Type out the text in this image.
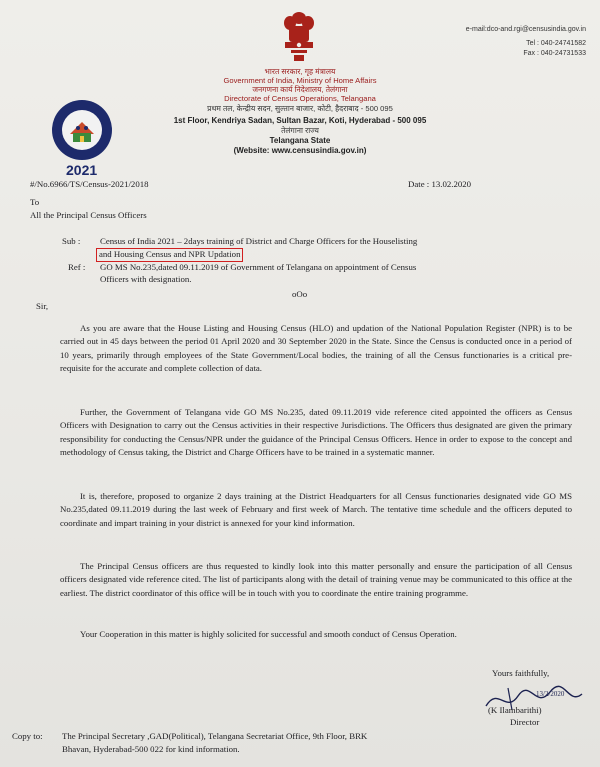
भारत सरकार, गृह मंत्रालय
Government of India, Ministry of Home Affairs
जनगणना कार्य निदेशालय, तेलंगाना
Directorate of Census Operations, Telangana
प्रथम तल, केन्द्रीय सदन, सुल्तान बाजार, कोटी, हैदराबाद - 500 095
1st Floor, Kendriya Sadan, Sultan Bazar, Koti, Hyderabad - 500 095
तेलंगाना राज्य
Telangana State
(Website: www.censusindia.gov.in)
e-mail:dco-and.rgi@censusindia.gov.in
Tel : 040-24741582
Fax : 040-24731533
2021
#/No.6966/TS/Census-2021/2018	Date : 13.02.2020
To
All the Principal Census Officers
Sub : Census of India 2021 – 2days training of District and Charge Officers for the Houselisting
and Housing Census and NPR Updation
Ref : GO MS No.235,dated 09.11.2019 of Government of Telangana on appointment of Census
Officers with designation.
oOo
Sir,
As you are aware that the House Listing and Housing Census (HLO) and updation of the National Population Register (NPR) is to be carried out in 45 days between the period 01 April 2020 and 30 September 2020 in the State. Since the Census is conducted once in a period of 10 years, primarily through employees of the State Government/Local bodies, the training of all the Census functionaries is a critical pre-requisite for the accurate and complete collection of data.
Further, the Government of Telangana vide GO MS No.235, dated 09.11.2019 vide reference cited appointed the officers as Census Officers with Designation to carry out the Census activities in their respective Jurisdictions. The Officers thus designated are given the primary responsibility for conducting the Census/NPR under the guidance of the Principal Census Officers. Hence in order to expose to the concept and methodology of Census taking, the District and Charge Officers have to be trained in a systematic manner.
It is, therefore, proposed to organize 2 days training at the District Headquarters for all Census functionaries designated vide GO MS No.235,dated 09.11.2019 during the last week of February and first week of March. The tentative time schedule and the officers deputed to coordinate and impart training in your district is annexed for your kind information.
The Principal Census officers are thus requested to kindly look into this matter personally and ensure the participation of all Census officers designated vide reference cited. The list of participants along with the detail of training venue may be communicated to this office at the earliest. The district coordinator of this office will be in touch with you to coordinate the entire training programme.
Your Cooperation in this matter is highly solicited for successful and smooth conduct of Census Operation.
Yours faithfully,
13/2/2020
(K Ilambarithi)
Director
Copy to: The Principal Secretary ,GAD(Political), Telangana Secretariat Office, 9th Floor, BRK
Bhavan, Hyderabad-500 022 for kind information.
